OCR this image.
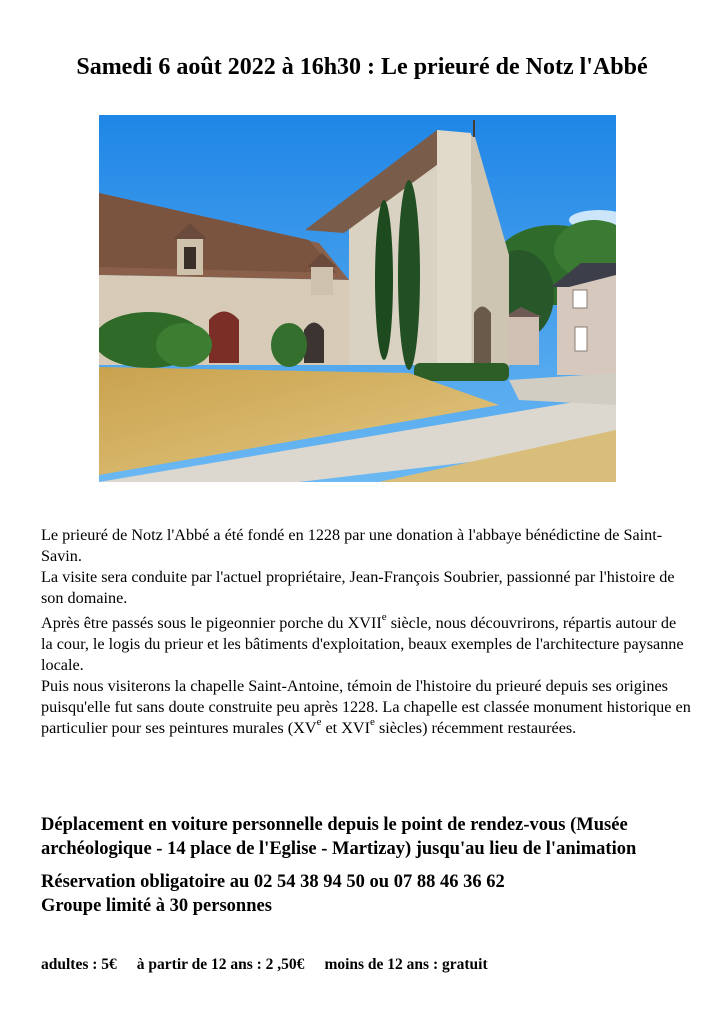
Samedi 6 août 2022 à 16h30 : Le prieuré de Notz l'Abbé

Le prieuré de Notz l'Abbé a été fondé en 1228 par une donation à l'abbaye bénédictine de Saint-Savin.

La visite sera conduite par l'actuel propriétaire, Jean-François Soubrier, passionné par l'histoire de son domaine.

Après être passés sous le pigeonnier porche du XVIIe siècle, nous découvrirons, répartis autour de la cour, le logis du prieur et les bâtiments d'exploitation, beaux exemples de l'architecture paysanne locale.

Puis nous visiterons la chapelle Saint-Antoine, témoin de l'histoire du prieuré depuis ses origines puisqu'elle fut sans doute construite peu après 1228. La chapelle est classée monument historique en particulier pour ses peintures murales (XVe et XVIe siècles) récemment restaurées.

Déplacement en voiture personnelle depuis le point de rendez-vous (Musée archéologique - 14 place de l'Eglise - Martizay) jusqu'au lieu de l'animation

Réservation obligatoire au 02 54 38 94 50 ou 07 88 46 36 62

Groupe limité à 30 personnes

adultes : 5€ à partir de 12 ans : 2 ,50€ moins de 12 ans : gratuit
